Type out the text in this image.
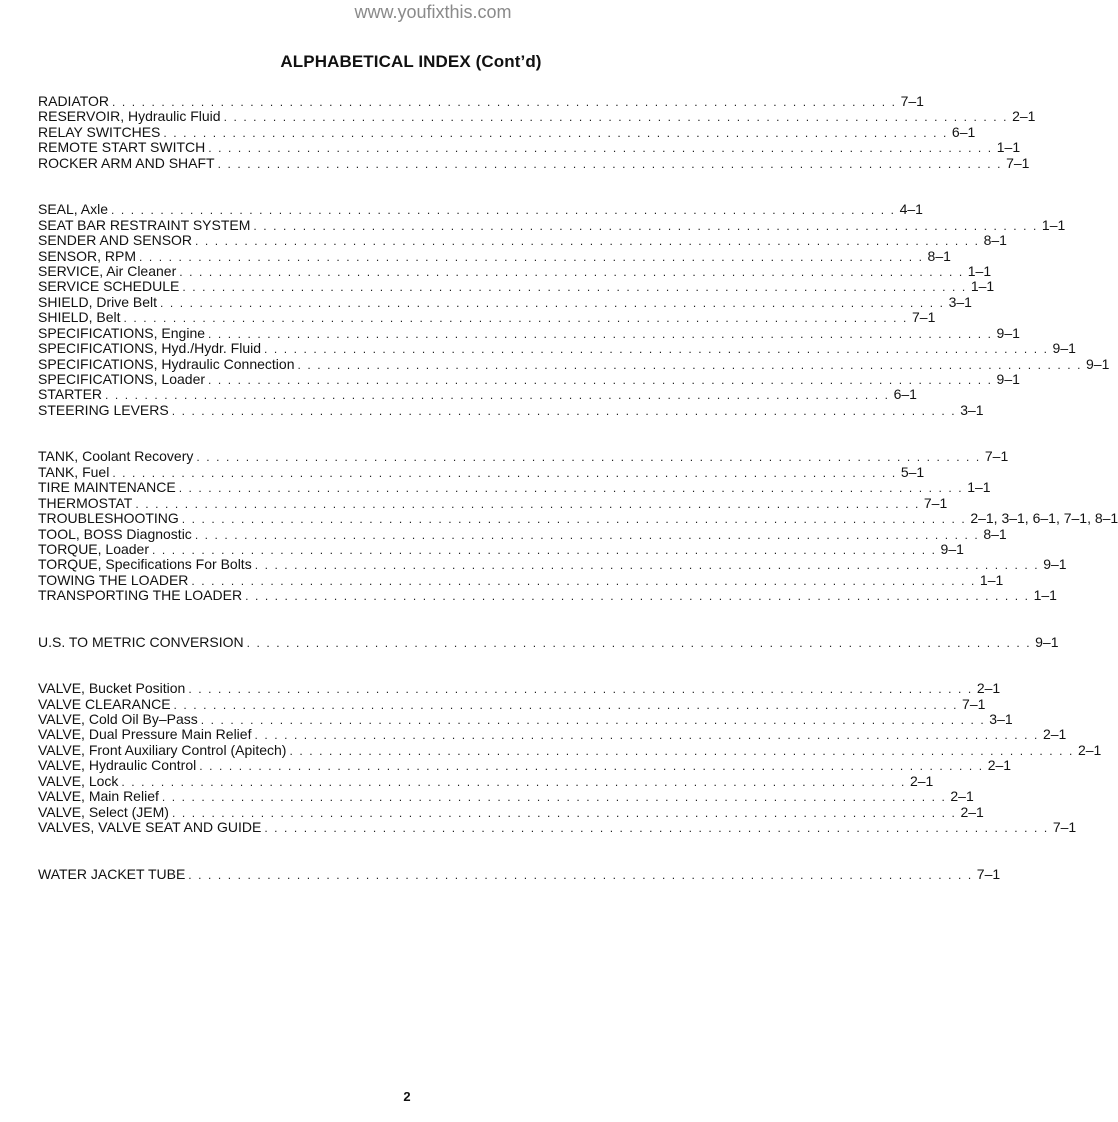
www.youfixthis.com
ALPHABETICAL INDEX (Cont’d)
RADIATOR . . . . . . . . . . . . . . . . . . . . . . . . . . . . . . . . . . . . . . . . . . . . . . . . . . . . . . . . . . . . . . . . . . . . . . . . . . . . . . . . 7–1
RESERVOIR, Hydraulic Fluid . . . . . . . . . . . . . . . . . . . . . . . . . . . . . . . . . . . . . . . . . . . . . . . . . . . . . . . . . . . . . . . . . . . . . . . . . . . . . . . . 2–1
RELAY SWITCHES . . . . . . . . . . . . . . . . . . . . . . . . . . . . . . . . . . . . . . . . . . . . . . . . . . . . . . . . . . . . . . . . . . . . . . . . . . . . . . . . 6–1
REMOTE START SWITCH . . . . . . . . . . . . . . . . . . . . . . . . . . . . . . . . . . . . . . . . . . . . . . . . . . . . . . . . . . . . . . . . . . . . . . . . . . . . . . . . 1–1
ROCKER ARM AND SHAFT . . . . . . . . . . . . . . . . . . . . . . . . . . . . . . . . . . . . . . . . . . . . . . . . . . . . . . . . . . . . . . . . . . . . . . . . . . . . . . . . 7–1
SEAL, Axle . . . . . . . . . . . . . . . . . . . . . . . . . . . . . . . . . . . . . . . . . . . . . . . . . . . . . . . . . . . . . . . . . . . . . . . . . . . . . . . . 4–1
SEAT BAR RESTRAINT SYSTEM . . . . . . . . . . . . . . . . . . . . . . . . . . . . . . . . . . . . . . . . . . . . . . . . . . . . . . . . . . . . . . . . . . . . . . . . . . . . . . . . 1–1
SENDER AND SENSOR . . . . . . . . . . . . . . . . . . . . . . . . . . . . . . . . . . . . . . . . . . . . . . . . . . . . . . . . . . . . . . . . . . . . . . . . . . . . . . . . 8–1
SENSOR, RPM . . . . . . . . . . . . . . . . . . . . . . . . . . . . . . . . . . . . . . . . . . . . . . . . . . . . . . . . . . . . . . . . . . . . . . . . . . . . . . . . 8–1
SERVICE, Air Cleaner . . . . . . . . . . . . . . . . . . . . . . . . . . . . . . . . . . . . . . . . . . . . . . . . . . . . . . . . . . . . . . . . . . . . . . . . . . . . . . . . 1–1
SERVICE SCHEDULE . . . . . . . . . . . . . . . . . . . . . . . . . . . . . . . . . . . . . . . . . . . . . . . . . . . . . . . . . . . . . . . . . . . . . . . . . . . . . . . . 1–1
SHIELD, Drive Belt . . . . . . . . . . . . . . . . . . . . . . . . . . . . . . . . . . . . . . . . . . . . . . . . . . . . . . . . . . . . . . . . . . . . . . . . . . . . . . . . 3–1
SHIELD, Belt . . . . . . . . . . . . . . . . . . . . . . . . . . . . . . . . . . . . . . . . . . . . . . . . . . . . . . . . . . . . . . . . . . . . . . . . . . . . . . . . 7–1
SPECIFICATIONS, Engine . . . . . . . . . . . . . . . . . . . . . . . . . . . . . . . . . . . . . . . . . . . . . . . . . . . . . . . . . . . . . . . . . . . . . . . . . . . . . . . . 9–1
SPECIFICATIONS, Hyd./Hydr. Fluid . . . . . . . . . . . . . . . . . . . . . . . . . . . . . . . . . . . . . . . . . . . . . . . . . . . . . . . . . . . . . . . . . . . . . . . . . . . . . . . . 9–1
SPECIFICATIONS, Hydraulic Connection . . . . . . . . . . . . . . . . . . . . . . . . . . . . . . . . . . . . . . . . . . . . . . . . . . . . . . . . . . . . . . . . . . . . . . . . . . . . . . . . 9–1
SPECIFICATIONS, Loader . . . . . . . . . . . . . . . . . . . . . . . . . . . . . . . . . . . . . . . . . . . . . . . . . . . . . . . . . . . . . . . . . . . . . . . . . . . . . . . . 9–1
STARTER . . . . . . . . . . . . . . . . . . . . . . . . . . . . . . . . . . . . . . . . . . . . . . . . . . . . . . . . . . . . . . . . . . . . . . . . . . . . . . . . 6–1
STEERING LEVERS . . . . . . . . . . . . . . . . . . . . . . . . . . . . . . . . . . . . . . . . . . . . . . . . . . . . . . . . . . . . . . . . . . . . . . . . . . . . . . . . 3–1
TANK, Coolant Recovery . . . . . . . . . . . . . . . . . . . . . . . . . . . . . . . . . . . . . . . . . . . . . . . . . . . . . . . . . . . . . . . . . . . . . . . . . . . . . . . . 7–1
TANK, Fuel . . . . . . . . . . . . . . . . . . . . . . . . . . . . . . . . . . . . . . . . . . . . . . . . . . . . . . . . . . . . . . . . . . . . . . . . . . . . . . . . 5–1
TIRE MAINTENANCE . . . . . . . . . . . . . . . . . . . . . . . . . . . . . . . . . . . . . . . . . . . . . . . . . . . . . . . . . . . . . . . . . . . . . . . . . . . . . . . . 1–1
THERMOSTAT . . . . . . . . . . . . . . . . . . . . . . . . . . . . . . . . . . . . . . . . . . . . . . . . . . . . . . . . . . . . . . . . . . . . . . . . . . . . . . . . 7–1
TROUBLESHOOTING . . . . . . . . . . . . . . . . . . . . . . . . . . . . . . . . . . . . . . . . . . . . . . . . . . . . . . . . . . . . . . . . . . . . . . . . . . . . . . . . 2–1, 3–1, 6–1, 7–1, 8–1
TOOL, BOSS Diagnostic . . . . . . . . . . . . . . . . . . . . . . . . . . . . . . . . . . . . . . . . . . . . . . . . . . . . . . . . . . . . . . . . . . . . . . . . . . . . . . . . 8–1
TORQUE, Loader . . . . . . . . . . . . . . . . . . . . . . . . . . . . . . . . . . . . . . . . . . . . . . . . . . . . . . . . . . . . . . . . . . . . . . . . . . . . . . . . 9–1
TORQUE, Specifications For Bolts . . . . . . . . . . . . . . . . . . . . . . . . . . . . . . . . . . . . . . . . . . . . . . . . . . . . . . . . . . . . . . . . . . . . . . . . . . . . . . . . 9–1
TOWING THE LOADER . . . . . . . . . . . . . . . . . . . . . . . . . . . . . . . . . . . . . . . . . . . . . . . . . . . . . . . . . . . . . . . . . . . . . . . . . . . . . . . . 1–1
TRANSPORTING THE LOADER . . . . . . . . . . . . . . . . . . . . . . . . . . . . . . . . . . . . . . . . . . . . . . . . . . . . . . . . . . . . . . . . . . . . . . . . . . . . . . . . 1–1
U.S. TO METRIC CONVERSION . . . . . . . . . . . . . . . . . . . . . . . . . . . . . . . . . . . . . . . . . . . . . . . . . . . . . . . . . . . . . . . . . . . . . . . . . . . . . . . . 9–1
VALVE, Bucket Position . . . . . . . . . . . . . . . . . . . . . . . . . . . . . . . . . . . . . . . . . . . . . . . . . . . . . . . . . . . . . . . . . . . . . . . . . . . . . . . . 2–1
VALVE CLEARANCE . . . . . . . . . . . . . . . . . . . . . . . . . . . . . . . . . . . . . . . . . . . . . . . . . . . . . . . . . . . . . . . . . . . . . . . . . . . . . . . . 7–1
VALVE, Cold Oil By–Pass . . . . . . . . . . . . . . . . . . . . . . . . . . . . . . . . . . . . . . . . . . . . . . . . . . . . . . . . . . . . . . . . . . . . . . . . . . . . . . . . 3–1
VALVE, Dual Pressure Main Relief . . . . . . . . . . . . . . . . . . . . . . . . . . . . . . . . . . . . . . . . . . . . . . . . . . . . . . . . . . . . . . . . . . . . . . . . . . . . . . . . 2–1
VALVE, Front Auxiliary Control (Apitech) . . . . . . . . . . . . . . . . . . . . . . . . . . . . . . . . . . . . . . . . . . . . . . . . . . . . . . . . . . . . . . . . . . . . . . . . . . . . . . . . 2–1
VALVE, Hydraulic Control . . . . . . . . . . . . . . . . . . . . . . . . . . . . . . . . . . . . . . . . . . . . . . . . . . . . . . . . . . . . . . . . . . . . . . . . . . . . . . . . 2–1
VALVE, Lock . . . . . . . . . . . . . . . . . . . . . . . . . . . . . . . . . . . . . . . . . . . . . . . . . . . . . . . . . . . . . . . . . . . . . . . . . . . . . . . . 2–1
VALVE, Main Relief . . . . . . . . . . . . . . . . . . . . . . . . . . . . . . . . . . . . . . . . . . . . . . . . . . . . . . . . . . . . . . . . . . . . . . . . . . . . . . . . 2–1
VALVE, Select (JEM) . . . . . . . . . . . . . . . . . . . . . . . . . . . . . . . . . . . . . . . . . . . . . . . . . . . . . . . . . . . . . . . . . . . . . . . . . . . . . . . . 2–1
VALVES, VALVE SEAT AND GUIDE . . . . . . . . . . . . . . . . . . . . . . . . . . . . . . . . . . . . . . . . . . . . . . . . . . . . . . . . . . . . . . . . . . . . . . . . . . . . . . . . 7–1
WATER JACKET TUBE . . . . . . . . . . . . . . . . . . . . . . . . . . . . . . . . . . . . . . . . . . . . . . . . . . . . . . . . . . . . . . . . . . . . . . . . . . . . . . . . 7–1
2
